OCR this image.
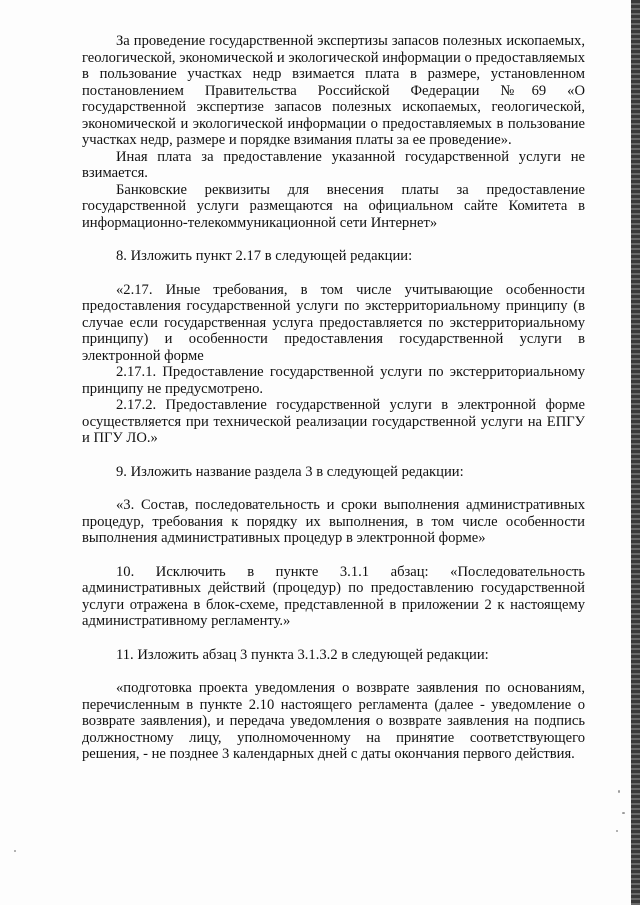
За проведение государственной экспертизы запасов полезных ископаемых, геологической, экономической и экологической информации о предоставляемых в пользование участках недр взимается плата в размере, установленном постановлением Правительства Российской Федерации №69 «О государственной экспертизе запасов полезных ископаемых, геологической, экономической и экологической информации о предоставляемых в пользование участках недр, размере и порядке взимания платы за ее проведение».

Иная плата за предоставление указанной государственной услуги не взимается.

Банковские реквизиты для внесения платы за предоставление государственной услуги размещаются на официальном сайте Комитета в информационно-телекоммуникационной сети Интернет»

8. Изложить пункт 2.17 в следующей редакции:

«2.17. Иные требования, в том числе учитывающие особенности предоставления государственной услуги по экстерриториальному принципу (в случае если государственная услуга предоставляется по экстерриториальному принципу) и особенности предоставления государственной услуги в электронной форме

2.17.1. Предоставление государственной услуги по экстерриториальному принципу не предусмотрено.

2.17.2. Предоставление государственной услуги в электронной форме осуществляется при технической реализации государственной услуги на ЕПГУ и ПГУ ЛО.»

9. Изложить название раздела 3 в следующей редакции:

«3. Состав, последовательность и сроки выполнения административных процедур, требования к порядку их выполнения, в том числе особенности выполнения административных процедур в электронной форме»

10. Исключить в пункте 3.1.1 абзац: «Последовательность административных действий (процедур) по предоставлению государственной услуги отражена в блок-схеме, представленной в приложении 2 к настоящему административному регламенту.»

11. Изложить абзац 3 пункта 3.1.3.2 в следующей редакции:

«подготовка проекта уведомления о возврате заявления по основаниям, перечисленным в пункте 2.10 настоящего регламента (далее - уведомление о возврате заявления), и передача уведомления о возврате заявления на подпись должностному лицу, уполномоченному на принятие соответствующего решения, - не позднее 3 календарных дней с даты окончания первого действия.
